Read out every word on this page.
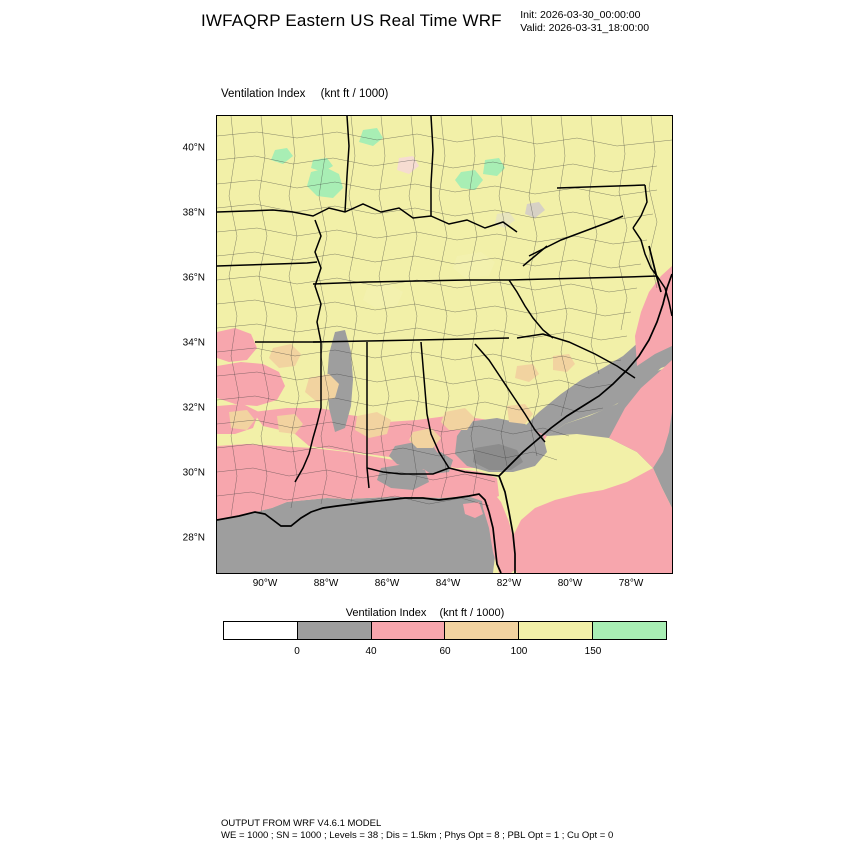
IWFAQRP Eastern US Real Time WRF Init: 2026-03-30_00:00:00
Valid: 2026-03-31_18:00:00
Ventilation Index (knt ft / 1000)
40°N
38°N
36°N
34°N
32°N
30°N
28°N
90°W	88°W	86°W	84°W	82°W	80°W	78°W
Ventilation Index (knt ft / 1000)
0	40	60	100	150
OUTPUT FROM WRF V4.6.1 MODEL
WE = 1000 ; SN = 1000 ; Levels = 38 ; Dis = 1.5km ; Phys Opt = 8 ; PBL Opt = 1 ; Cu Opt = 0
